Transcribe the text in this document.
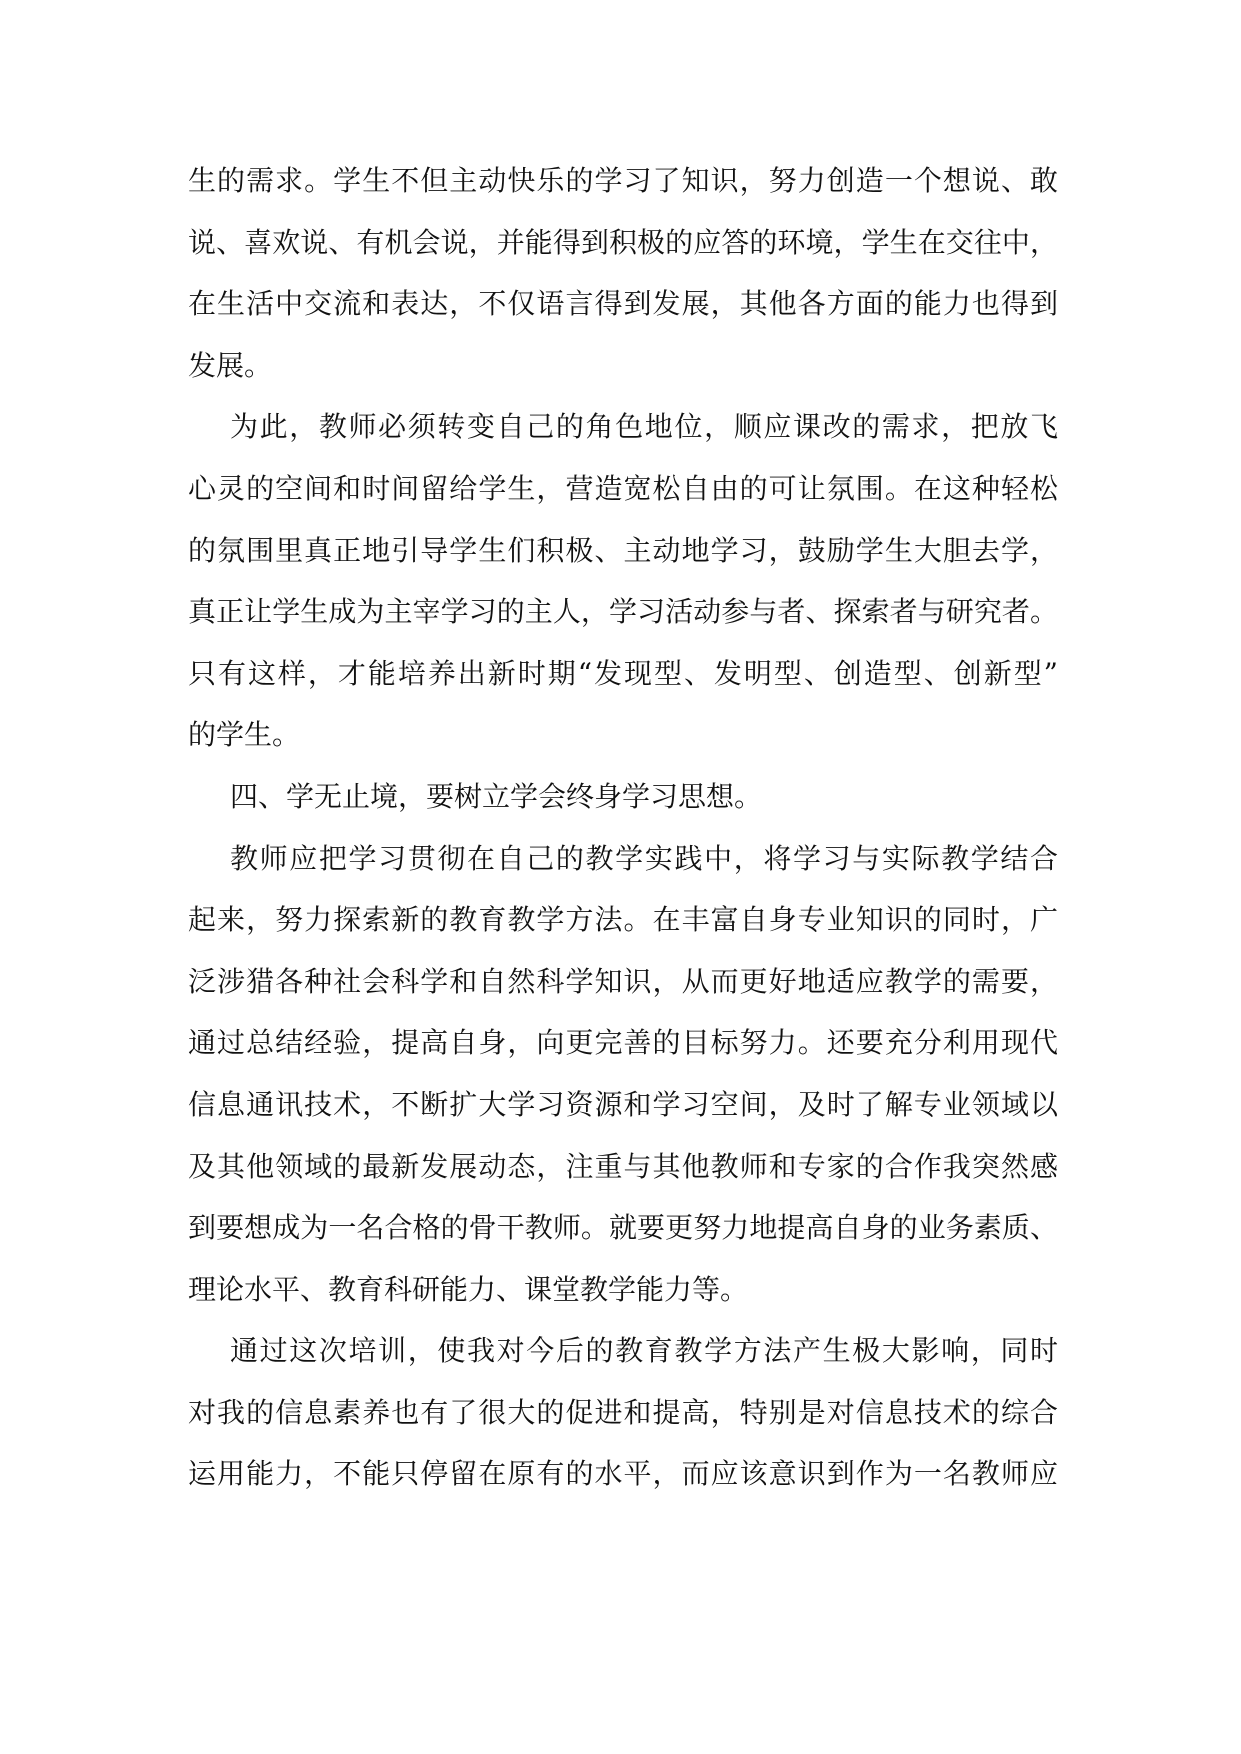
生的需求。学生不但主动快乐的学习了知识，努力创造一个想说、敢
说、喜欢说、有机会说，并能得到积极的应答的环境，学生在交往中，
在生活中交流和表达，不仅语言得到发展，其他各方面的能力也得到
发展。
为此，教师必须转变自己的角色地位，顺应课改的需求，把放飞
心灵的空间和时间留给学生，营造宽松自由的可让氛围。在这种轻松
的氛围里真正地引导学生们积极、主动地学习，鼓励学生大胆去学，
真正让学生成为主宰学习的主人，学习活动参与者、探索者与研究者。
只有这样，才能培养出新时期“发现型、发明型、创造型、创新型”
的学生。
四、学无止境，要树立学会终身学习思想。
教师应把学习贯彻在自己的教学实践中，将学习与实际教学结合
起来，努力探索新的教育教学方法。在丰富自身专业知识的同时，广
泛涉猎各种社会科学和自然科学知识，从而更好地适应教学的需要，
通过总结经验，提高自身，向更完善的目标努力。还要充分利用现代
信息通讯技术，不断扩大学习资源和学习空间，及时了解专业领域以
及其他领域的最新发展动态，注重与其他教师和专家的合作我突然感
到要想成为一名合格的骨干教师。就要更努力地提高自身的业务素质、
理论水平、教育科研能力、课堂教学能力等。
通过这次培训，使我对今后的教育教学方法产生极大影响，同时
对我的信息素养也有了很大的促进和提高，特别是对信息技术的综合
运用能力，不能只停留在原有的水平，而应该意识到作为一名教师应
